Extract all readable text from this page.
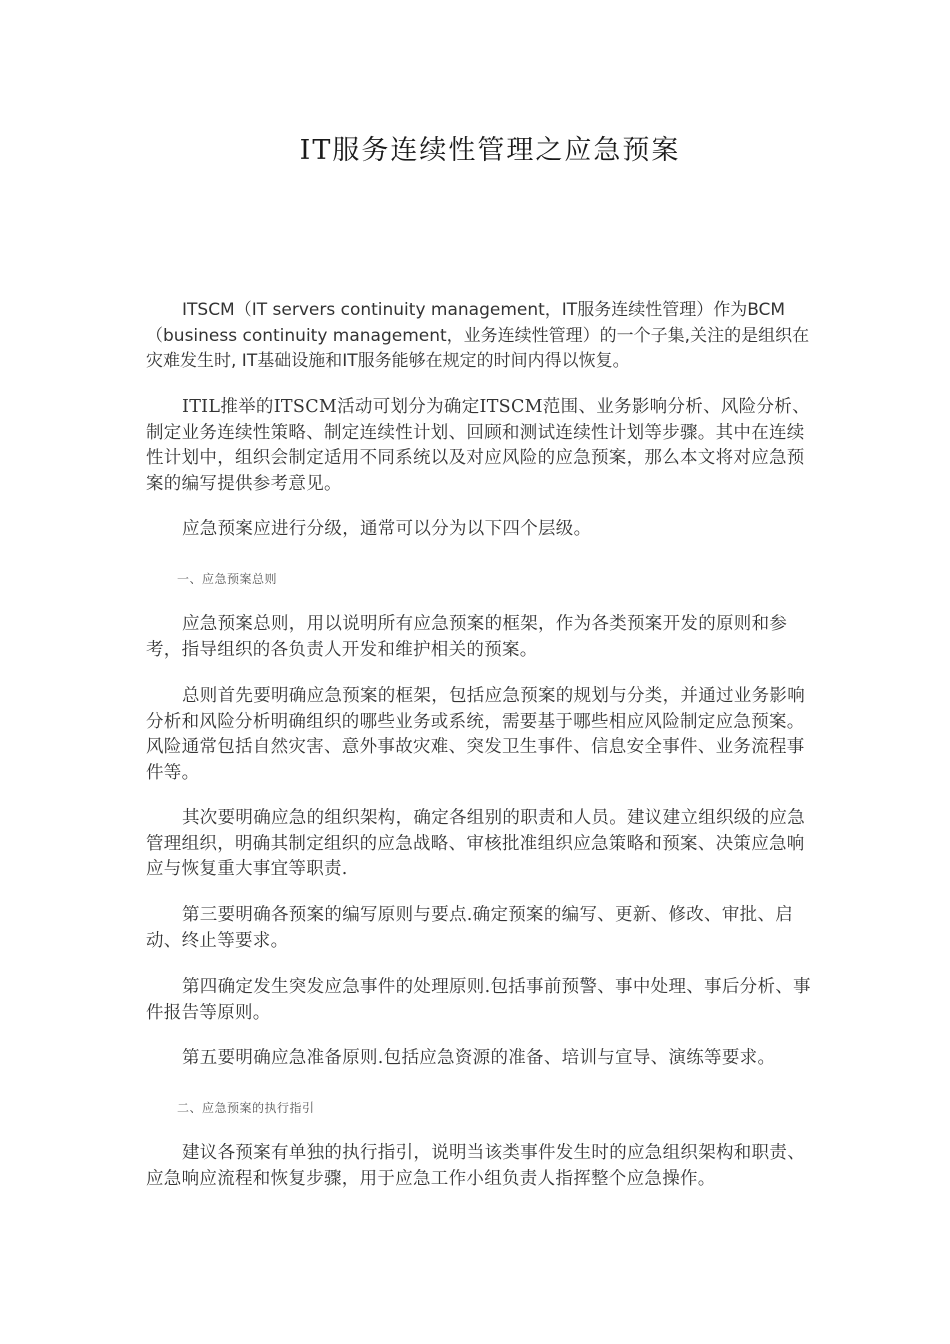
IT服务连续性管理之应急预案

ITSCM（IT servers continuity management，IT服务连续性管理）作为BCM（business continuity management，业务连续性管理）的一个子集,关注的是组织在灾难发生时, IT基础设施和IT服务能够在规定的时间内得以恢复。

ITIL推举的ITSCM活动可划分为确定ITSCM范围、业务影响分析、风险分析、制定业务连续性策略、制定连续性计划、回顾和测试连续性计划等步骤。其中在连续性计划中，组织会制定适用不同系统以及对应风险的应急预案，那么本文将对应急预案的编写提供参考意见。

应急预案应进行分级，通常可以分为以下四个层级。

一、应急预案总则

应急预案总则，用以说明所有应急预案的框架，作为各类预案开发的原则和参考，指导组织的各负责人开发和维护相关的预案。

总则首先要明确应急预案的框架，包括应急预案的规划与分类，并通过业务影响分析和风险分析明确组织的哪些业务或系统，需要基于哪些相应风险制定应急预案。风险通常包括自然灾害、意外事故灾难、突发卫生事件、信息安全事件、业务流程事件等。

其次要明确应急的组织架构，确定各组别的职责和人员。建议建立组织级的应急管理组织，明确其制定组织的应急战略、审核批准组织应急策略和预案、决策应急响应与恢复重大事宜等职责.

第三要明确各预案的编写原则与要点.确定预案的编写、更新、修改、审批、启动、终止等要求。

第四确定发生突发应急事件的处理原则.包括事前预警、事中处理、事后分析、事件报告等原则。

第五要明确应急准备原则.包括应急资源的准备、培训与宣导、演练等要求。

二、应急预案的执行指引

建议各预案有单独的执行指引，说明当该类事件发生时的应急组织架构和职责、应急响应流程和恢复步骤，用于应急工作小组负责人指挥整个应急操作。
